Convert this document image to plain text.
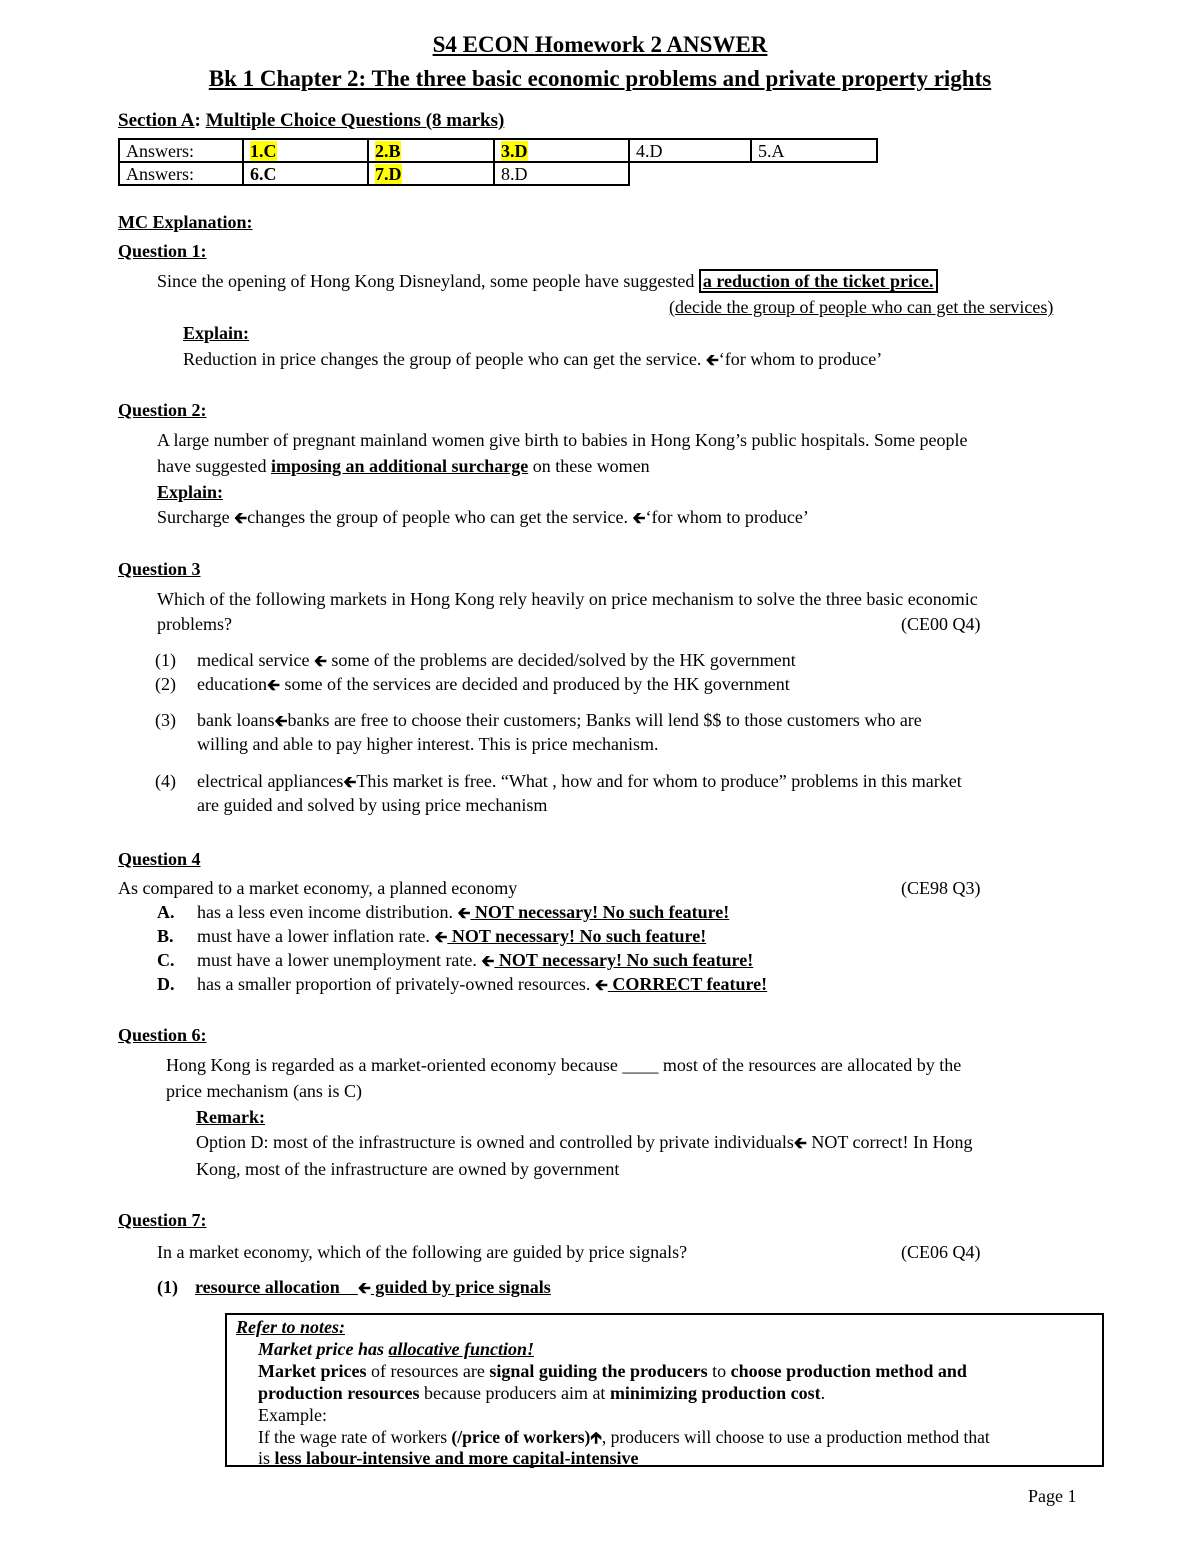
S4 ECON Homework 2 ANSWER
Bk 1 Chapter 2: The three basic economic problems and private property rights
Section A: Multiple Choice Questions (8 marks)
Answers:	1.C	2.B	3.D	4.D	5.A
Answers:	6.C	7.D	8.D
MC Explanation:
Question 1:
Since the opening of Hong Kong Disneyland, some people have suggested a reduction of the ticket price.
(decide the group of people who can get the services)
Explain:
Reduction in price changes the group of people who can get the service. 🡰‘for whom to produce’
Question 2:
A large number of pregnant mainland women give birth to babies in Hong Kong’s public hospitals. Some people
have suggested imposing an additional surcharge on these women
Explain:
Surcharge 🡰changes the group of people who can get the service. 🡰‘for whom to produce’
Question 3
Which of the following markets in Hong Kong rely heavily on price mechanism to solve the three basic economic
problems?	(CE00 Q4)
(1) medical service 🡰 some of the problems are decided/solved by the HK government
(2) education🡰 some of the services are decided and produced by the HK government
(3) bank loans🡰banks are free to choose their customers; Banks will lend $$ to those customers who are
willing and able to pay higher interest. This is price mechanism.
(4) electrical appliances🡰This market is free. “What , how and for whom to produce” problems in this market
are guided and solved by using price mechanism
Question 4
As compared to a market economy, a planned economy	(CE98 Q3)
A. has a less even income distribution. 🡰 NOT necessary! No such feature!
B. must have a lower inflation rate. 🡰 NOT necessary! No such feature!
C. must have a lower unemployment rate. 🡰 NOT necessary! No such feature!
D. has a smaller proportion of privately-owned resources. 🡰 CORRECT feature!
Question 6:
Hong Kong is regarded as a market-oriented economy because ____ most of the resources are allocated by the
price mechanism (ans is C)
Remark:
Option D: most of the infrastructure is owned and controlled by private individuals🡰 NOT correct! In Hong
Kong, most of the infrastructure are owned by government
Question 7:
In a market economy, which of the following are guided by price signals?	(CE06 Q4)
(1) resource allocation    🡰 guided by price signals
Refer to notes:
Market price has allocative function!
Market prices of resources are signal guiding the producers to choose production method and
production resources because producers aim at minimizing production cost.
Example:
If the wage rate of workers (/price of workers)🡱, producers will choose to use a production method that
is less labour-intensive and more capital-intensive
Page 1
